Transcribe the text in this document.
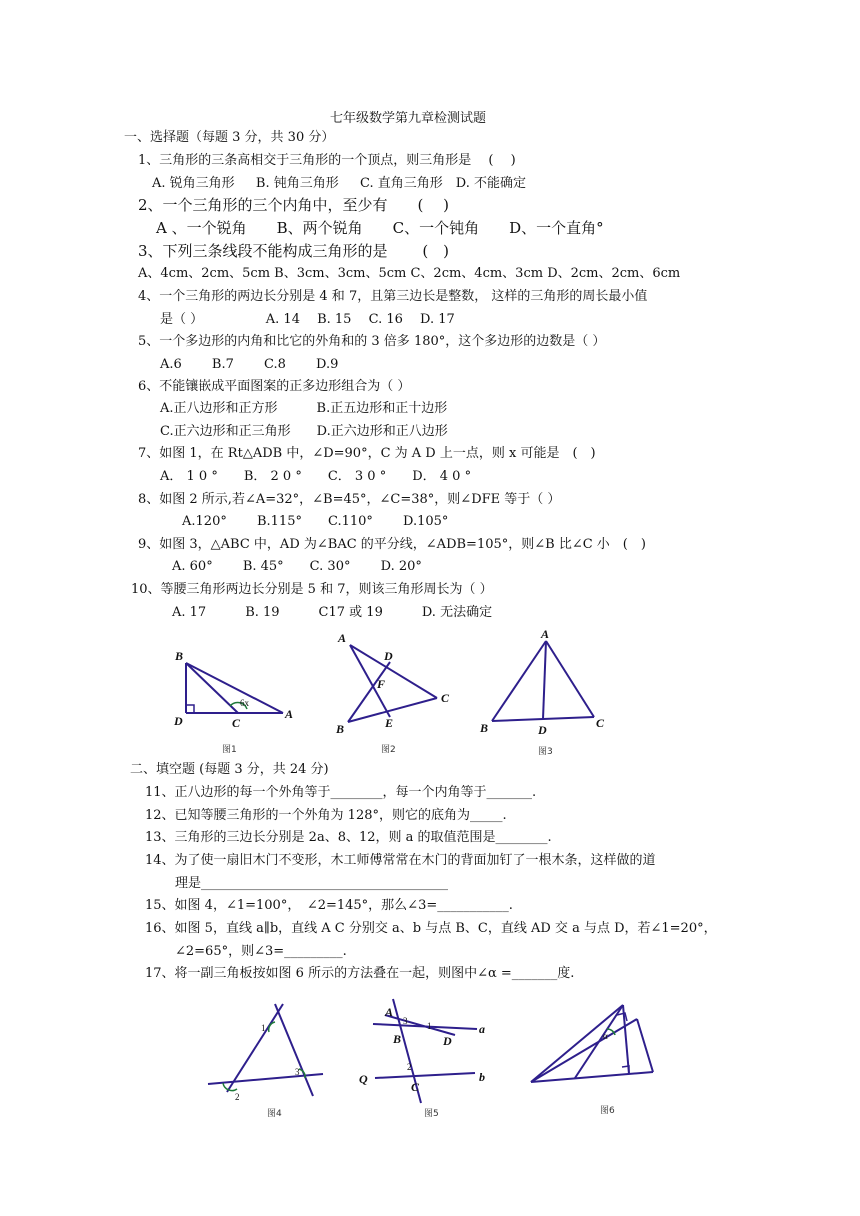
七年级数学第九章检测试题
一、选择题（每题 3 分，共 30 分）
1、三角形的三条高相交于三角形的一个顶点，则三角形是　 (　 )
A. 锐角三角形　  B. 钝角三角形　  C. 直角三角形　D. 不能确定
2、一个三角形的三个内角中，至少有　　(　 )
A 、一个锐角　　B、两个锐角　　C、一个钝角　　D、一个直角°
3、下列三条线段不能构成三角形的是　　 (　)
A、4cm、2cm、5cm B、3cm、3cm、5cm C、2cm、4cm、3cm D、2cm、2cm、6cm
4、一个三角形的两边长分别是 4 和 7，且第三边长是整数， 这样的三角形的周长最小值
是（ ）　　　　　 A. 14　 B. 15　 C. 16　 D. 17
5、一个多边形的内角和比它的外角和的 3 倍多 180°，这个多边形的边数是（ ）
A.6　　 B.7　　 C.8　　 D.9
6、不能镶嵌成平面图案的正多边形组合为（ ）
A.正八边形和正方形　　　B.正五边形和正十边形
C.正六边形和正三角形　　D.正六边形和正八边形
7、如图 1，在 Rt△ADB 中，∠D=90°，C 为 A D 上一点，则 x 可能是　(　)
A． 1 0 °　　B． 2 0 °　　C． 3 0 °　　D． 4 0 °
8、如图 2 所示,若∠A=32°，∠B=45°，∠C=38°，则∠DFE 等于（ ）
A.120°　　 B.115°　　C.110°　　 D.105°
9、如图 3，△ABC 中，AD 为∠BAC 的平分线，∠ADB=105°，则∠B 比∠C 小　(　)
A. 60°　　 B. 45°　　C. 30°　　 D. 20°
10、等腰三角形两边长分别是 5 和 7，则该三角形周长为（ ）
A. 17　　　B. 19　　　C17 或 19　　　D. 无法确定
B
D	C
A
6x
图1
A
D
F
C
B	E
图2
A
B	D	C
图3
二、填空题 (每题 3 分，共 24 分)
11、正八边形的每一个外角等于________，每一个内角等于_______.
12、已知等腰三角形的一个外角为 128°，则它的底角为_____.
13、三角形的三边长分别是 2a、8、12，则 a 的取值范围是________.
14、为了使一扇旧木门不变形，木工师傅常常在木门的背面加钉了一根木条，这样做的道
理是______________________________________
15、如图 4，∠1=100°，　∠2=145°，那么∠3=___________.
16、如图 5，直线 a∥b，直线 A C 分别交 a、b 与点 B、C，直线 AD 交 a 与点 D，若∠1=20°，
∠2=65°，则∠3=_________.
17、将一副三角板按如图 6 所示的方法叠在一起，则图中∠α =_______度.
1
3
2
图4
A
3 1	a
B	D
2
Q
C
b
图5
α
图6
